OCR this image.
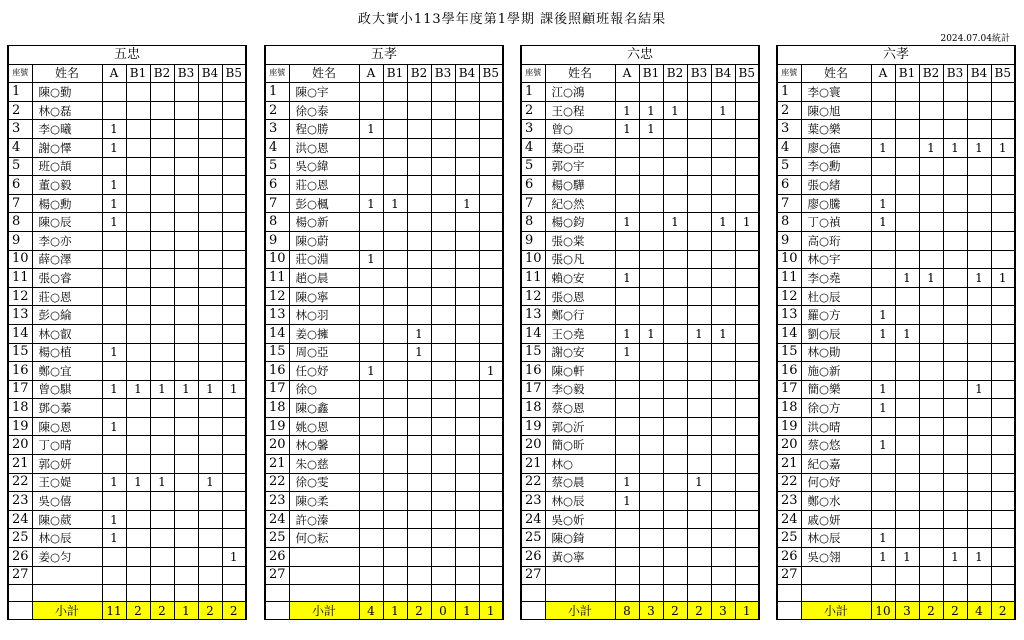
政大實小113學年度第1學期 課後照顧班報名結果
2024.07.04統計
五忠							
座號	姓名	A	B1	B2	B3	B4	B5
1	陳○勤						
2	林○磊						
3	李○曦	1					
4	謝○懌	1					
5	班○頡						
6	董○毅	1					
7	楊○勳	1					
8	陳○辰	1					
9	李○亦						
10	薛○澤						
11	張○睿						
12	莊○恩						
13	彭○綸						
14	林○叡						
15	楊○植	1					
16	鄭○宜						
17	曾○騏	1	1	1	1	1	1
18	鄧○蓁						
19	陳○恩	1					
20	丁○晴						
21	郭○妍						
22	王○媞	1	1	1		1	
23	吳○僖						
24	陳○葳	1					
25	林○辰	1					
26	姜○匀						1
27							

	小計	11	2	2	1	2	2
五孝							
座號	姓名	A	B1	B2	B3	B4	B5
1	陳○宇						
2	徐○泰						
3	程○勝	1					
4	洪○恩						
5	吳○緯						
6	莊○恩						
7	彭○楓	1	1			1	
8	楊○新						
9	陳○蔚						
10	莊○淵	1					
11	趙○晨						
12	陳○寧						
13	林○羽						
14	姜○擁			1			
15	周○亞			1			
16	任○妤	1					1
17	徐○						
18	陳○鑫						
19	姚○恩						
20	林○馨						
21	朱○慈						
22	徐○雯						
23	陳○柔						
24	許○溱						
25	何○耘						
26							
27							

	小計	4	1	2	0	1	1
六忠							
座號	姓名	A	B1	B2	B3	B4	B5
1	江○鴻						
2	王○程	1	1	1		1	
3	曾○	1	1				
4	葉○亞						
5	郭○宇						
6	楊○驊						
7	紀○然						
8	楊○鈞	1		1		1	1
9	張○棠						
10	張○凡						
11	賴○安	1					
12	張○恩						
13	鄭○行						
14	王○堯	1	1		1	1	
15	謝○安	1					
16	陳○軒						
17	李○毅						
18	蔡○恩						
19	郭○沂						
20	簡○昕						
21	林○						
22	蔡○晨	1			1		
23	林○辰	1					
24	吳○妡						
25	陳○錡						
26	黃○寧						
27							

	小計	8	3	2	2	3	1
六孝							
座號	姓名	A	B1	B2	B3	B4	B5
1	李○寰						
2	陳○旭						
3	葉○樂						
4	廖○德	1		1	1	1	1
5	李○勳						
6	張○緒						
7	廖○騰	1					
8	丁○禎	1					
9	高○珩						
10	林○宇						
11	李○堯		1	1		1	1
12	杜○辰						
13	羅○方	1					
14	劉○辰	1	1				
15	林○勛						
16	施○新						
17	簡○樂	1				1	
18	徐○方	1					
19	洪○晴						
20	蔡○悠	1					
21	紀○嘉						
22	何○妤						
23	鄭○水						
24	戚○妍						
25	林○辰	1					
26	吳○翎	1	1		1	1	
27							

	小計	10	3	2	2	4	2
